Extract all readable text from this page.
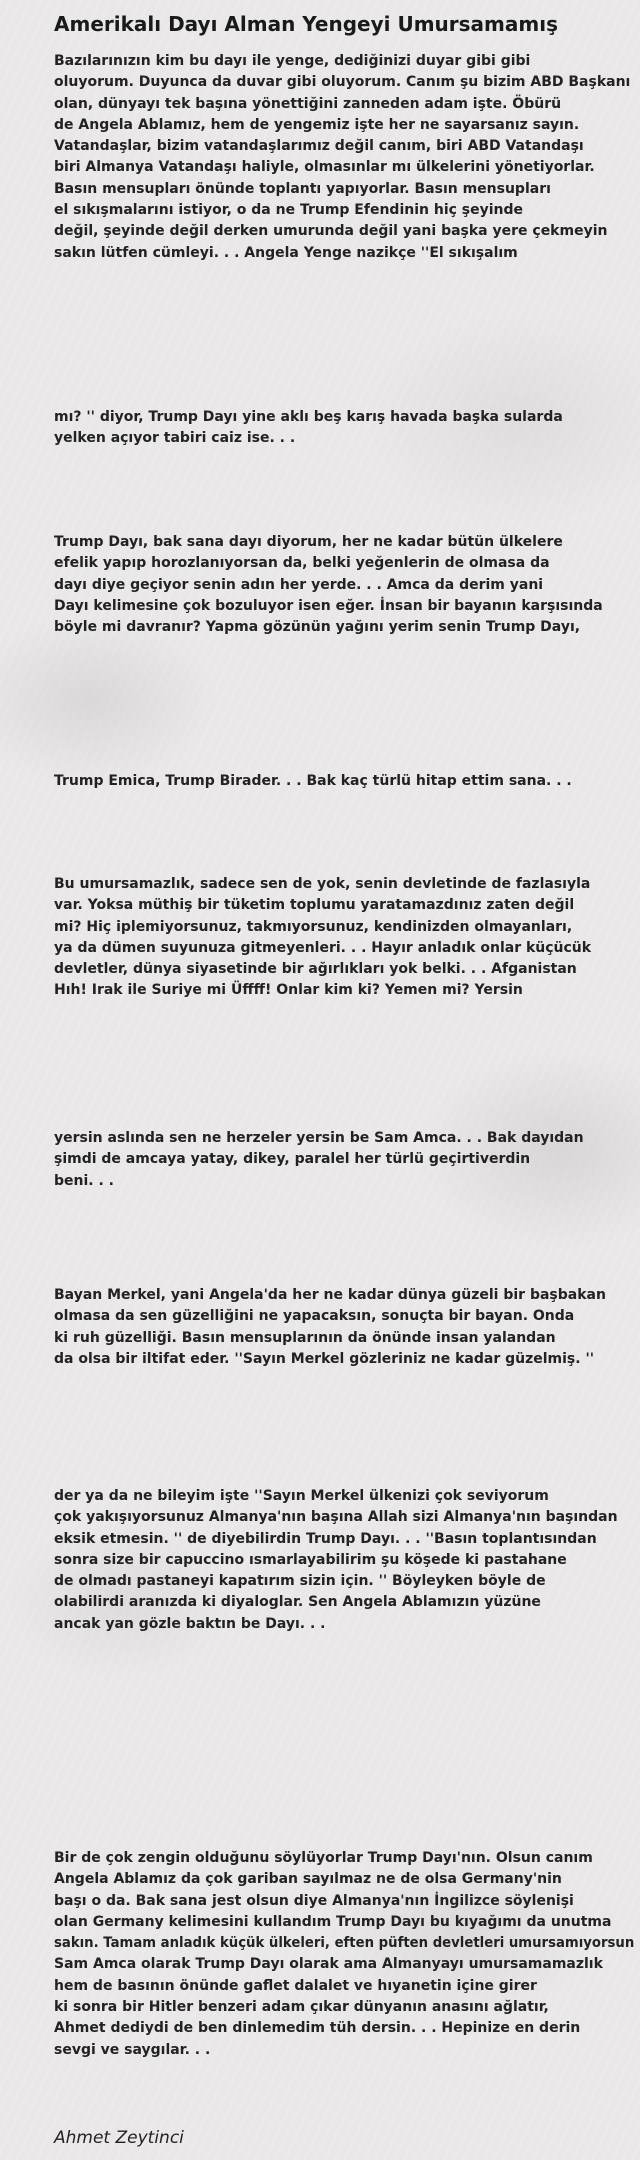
Amerikalı Dayı Alman Yengeyi Umursamamış
Bazılarınızın kim bu dayı ile yenge, dediğinizi duyar gibi gibi
oluyorum. Duyunca da duvar gibi oluyorum. Canım şu bizim ABD Başkanı
olan, dünyayı tek başına yönettiğini zanneden adam işte. Öbürü
de Angela Ablamız, hem de yengemiz işte her ne sayarsanız sayın.
Vatandaşlar, bizim vatandaşlarımız değil canım, biri ABD Vatandaşı
biri Almanya Vatandaşı haliyle, olmasınlar mı ülkelerini yönetiyorlar.
Basın mensupları önünde toplantı yapıyorlar. Basın mensupları
el sıkışmalarını istiyor, o da ne Trump Efendinin hiç şeyinde
değil, şeyinde değil derken umurunda değil yani başka yere çekmeyin
sakın lütfen cümleyi. . . Angela Yenge nazikçe ''El sıkışalım
mı? '' diyor, Trump Dayı yine aklı beş karış havada başka sularda
yelken açıyor tabiri caiz ise. . .
Trump Dayı, bak sana dayı diyorum, her ne kadar bütün ülkelere
efelik yapıp horozlanıyorsan da, belki yeğenlerin de olmasa da
dayı diye geçiyor senin adın her yerde. . . Amca da derim yani
Dayı kelimesine çok bozuluyor isen eğer. İnsan bir bayanın karşısında
böyle mi davranır? Yapma gözünün yağını yerim senin Trump Dayı,
Trump Emica, Trump Birader. . . Bak kaç türlü hitap ettim sana. . .
Bu umursamazlık, sadece sen de yok, senin devletinde de fazlasıyla
var. Yoksa müthiş bir tüketim toplumu yaratamazdınız zaten değil
mi? Hiç iplemiyorsunuz, takmıyorsunuz, kendinizden olmayanları,
ya da dümen suyunuza gitmeyenleri. . . Hayır anladık onlar küçücük
devletler, dünya siyasetinde bir ağırlıkları yok belki. . . Afganistan
Hıh! Irak ile Suriye mi Üffff! Onlar kim ki? Yemen mi? Yersin
yersin aslında sen ne herzeler yersin be Sam Amca. . . Bak dayıdan
şimdi de amcaya yatay, dikey, paralel her türlü geçirtiverdin
beni. . .
Bayan Merkel, yani Angela'da her ne kadar dünya güzeli bir başbakan
olmasa da sen güzelliğini ne yapacaksın, sonuçta bir bayan. Onda
ki ruh güzelliği. Basın mensuplarının da önünde insan yalandan
da olsa bir iltifat eder. ''Sayın Merkel gözleriniz ne kadar güzelmiş. ''
der ya da ne bileyim işte ''Sayın Merkel ülkenizi çok seviyorum
çok yakışıyorsunuz Almanya'nın başına Allah sizi Almanya'nın başından
eksik etmesin. '' de diyebilirdin Trump Dayı. . . ''Basın toplantısından
sonra size bir capuccino ısmarlayabilirim şu köşede ki pastahane
de olmadı pastaneyi kapatırım sizin için. '' Böyleyken böyle de
olabilirdi aranızda ki diyaloglar. Sen Angela Ablamızın yüzüne
ancak yan gözle baktın be Dayı. . .
Bir de çok zengin olduğunu söylüyorlar Trump Dayı'nın. Olsun canım
Angela Ablamız da çok gariban sayılmaz ne de olsa Germany'nin
başı o da. Bak sana jest olsun diye Almanya'nın İngilizce söylenişi
olan Germany kelimesini kullandım Trump Dayı bu kıyağımı da unutma
sakın. Tamam anladık küçük ülkeleri, eften püften devletleri umursamıyorsun
Sam Amca olarak Trump Dayı olarak ama Almanyayı umursamamazlık
hem de basının önünde gaflet dalalet ve hıyanetin içine girer
ki sonra bir Hitler benzeri adam çıkar dünyanın anasını ağlatır,
Ahmet dediydi de ben dinlemedim tüh dersin. . . Hepinize en derin
sevgi ve saygılar. . .
Ahmet Zeytinci
